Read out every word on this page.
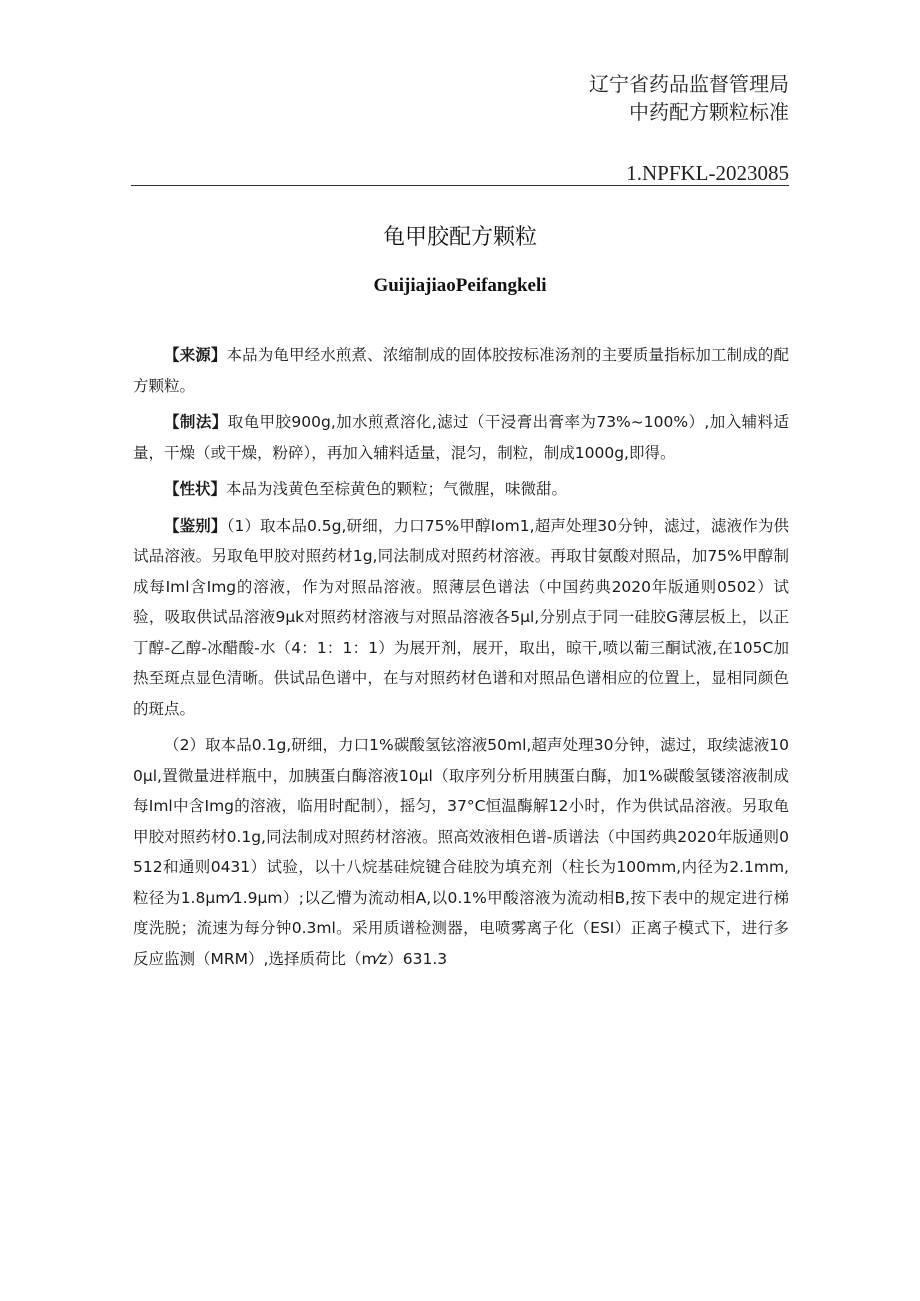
辽宁省药品监督管理局
中药配方颗粒标准
1.NPFKL-2023085
龟甲胶配方颗粒
GuijiajiaoPeifangkeli

【来源】本品为龟甲经水煎煮、浓缩制成的固体胶按标准汤剂的主要质量指标加工制成的配方颗粒。

【制法】取龟甲胶900g,加水煎煮溶化,滤过（干浸膏出膏率为73%~100%）,加入辅料适量，干燥（或干燥，粉碎），再加入辅料适量，混匀，制粒，制成1000g,即得。

【性状】本品为浅黄色至棕黄色的颗粒；气微腥，味微甜。

【鉴别】（1）取本品0.5g,研细，力口75%甲醇Iom1,超声处理30分钟，滤过，滤液作为供试品溶液。另取龟甲胶对照药材1g,同法制成对照药材溶液。再取甘氨酸对照品，加75%甲醇制成每Iml含Img的溶液，作为对照品溶液。照薄层色谱法（中国药典2020年版通则0502）试验，吸取供试品溶液9μk对照药材溶液与对照品溶液各5μl,分别点于同一硅胶G薄层板上，以正丁醇-乙醇-冰醋酸-水（4：1：1：1）为展开剂，展开，取出，晾干,喷以葡三酮试液,在105C加热至斑点显色清晰。供试品色谱中，在与对照药材色谱和对照品色谱相应的位置上，显相同颜色的斑点。

（2）取本品0.1g,研细，力口1%碳酸氢铉溶液50ml,超声处理30分钟，滤过，取续滤液100μl,置微量进样瓶中，加胰蛋白酶溶液10μl（取序列分析用胰蛋白酶，加1%碳酸氢镂溶液制成每Iml中含Img的溶液，临用时配制），摇匀，37°C恒温酶解12小时，作为供试品溶液。另取龟甲胶对照药材0.1g,同法制成对照药材溶液。照高效液相色谱-质谱法（中国药典2020年版通则0512和通则0431）试验，以十八烷基硅烷键合硅胶为填充剂（柱长为100mm,内径为2.1mm,粒径为1.8μm⁄1.9μm）;以乙懵为流动相A,以0.1%甲酸溶液为流动相B,按下表中的规定进行梯度洗脱；流速为每分钟0.3ml。采用质谱检测器，电喷雾离子化（ESI）正离子模式下，进行多反应监测（MRM）,选择质荷比（m⁄z）631.3
